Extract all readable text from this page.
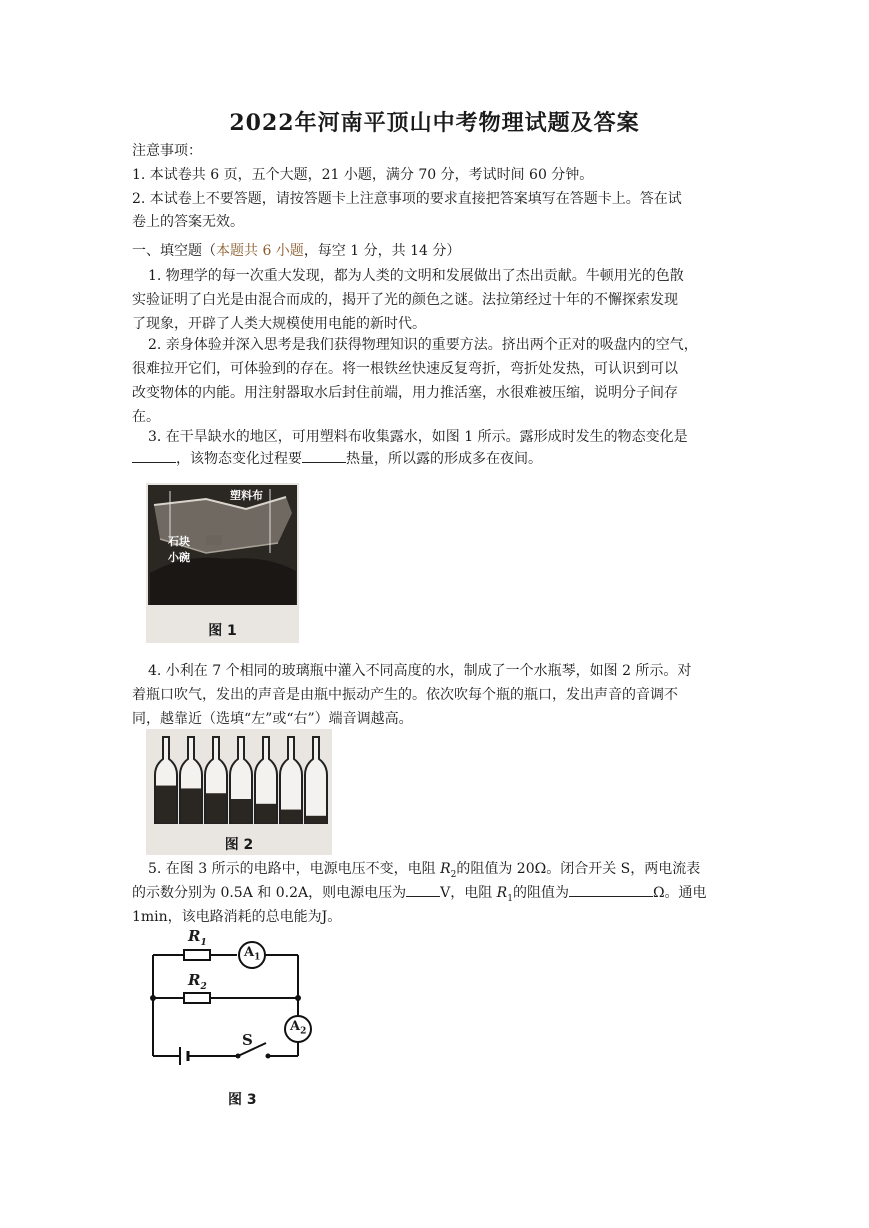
2022年河南平顶山中考物理试题及答案
注意事项：
1. 本试卷共 6 页，五个大题，21 小题，满分 70 分，考试时间 60 分钟。
2. 本试卷上不要答题，请按答题卡上注意事项的要求直接把答案填写在答题卡上。答在试
卷上的答案无效。
一、填空题（本题共 6 小题，每空 1 分，共 14 分）
1. 物理学的每一次重大发现，都为人类的文明和发展做出了杰出贡献。牛顿用光的色散
实验证明了白光是由混合而成的，揭开了光的颜色之谜。法拉第经过十年的不懈探索发现
了现象，开辟了人类大规模使用电能的新时代。
2. 亲身体验并深入思考是我们获得物理知识的重要方法。挤出两个正对的吸盘内的空气，
很难拉开它们，可体验到的存在。将一根铁丝快速反复弯折，弯折处发热，可认识到可以
改变物体的内能。用注射器取水后封住前端，用力推活塞，水很难被压缩，说明分子间存
在。
3. 在干旱缺水的地区，可用塑料布收集露水，如图 1 所示。露形成时发生的物态变化是
，该物态变化过程要	热量，所以露的形成多在夜间。
塑料布
石块
小碗
图 1
4. 小利在 7 个相同的玻璃瓶中灌入不同高度的水，制成了一个水瓶琴，如图 2 所示。对
着瓶口吹气，发出的声音是由瓶中振动产生的。依次吹每个瓶的瓶口，发出声音的音调不
同，越靠近（选填“左”或“右”）端音调越高。
图 2
5. 在图 3 所示的电路中，电源电压不变，电阻 $R_2$的阻值为 20Ω。闭合开关 S，两电流表
的示数分别为 0.5A 和 0.2A，则电源电压为 V，电阻 $R_1$的阻值为	Ω。通电
1min，该电路消耗的总电能为J。
$R_1$
$R_2$
$A_1$
$A_2$
S
图 3
